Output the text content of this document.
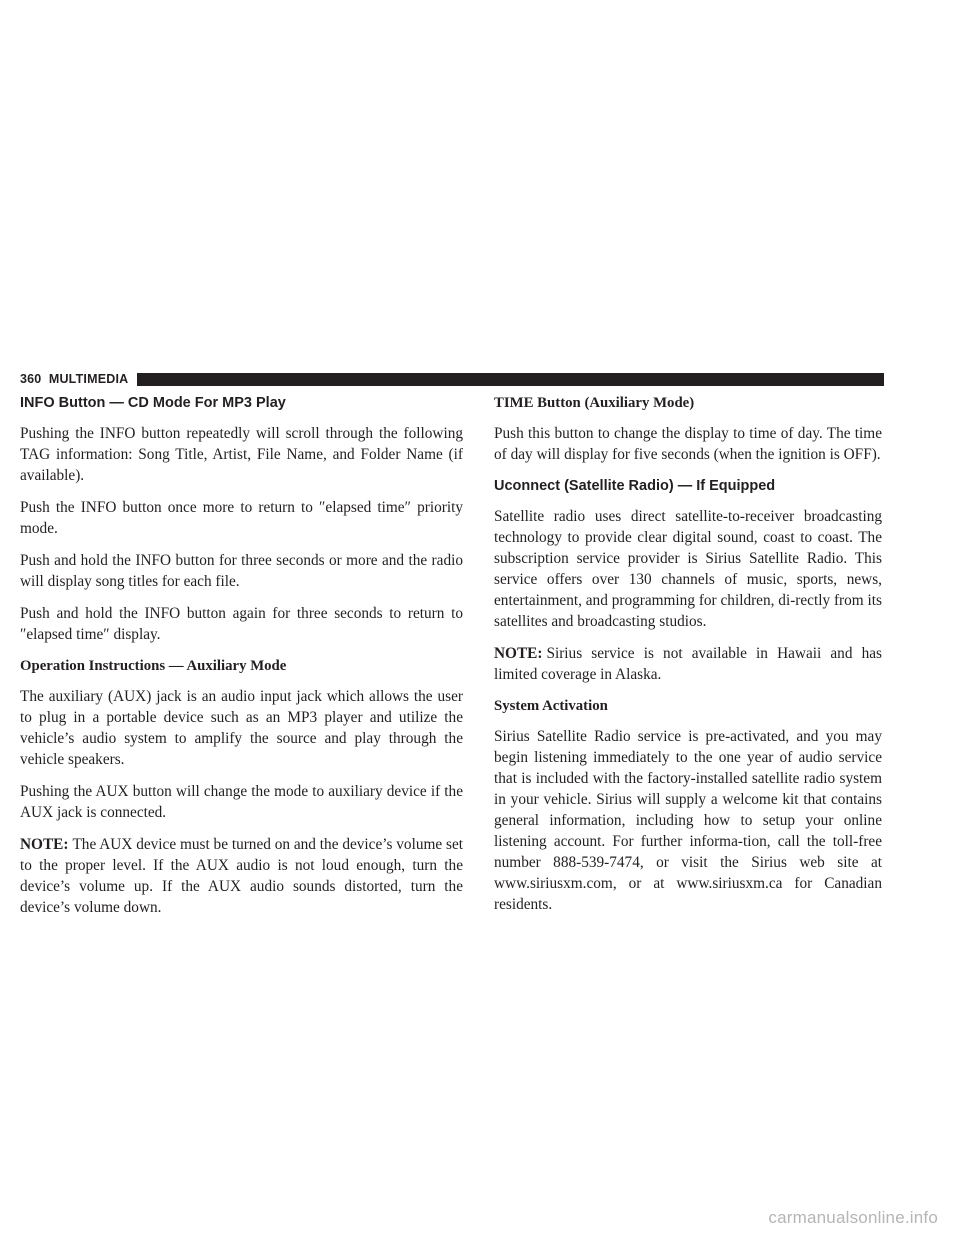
360 MULTIMEDIA
INFO Button — CD Mode For MP3 Play

Pushing the INFO button repeatedly will scroll through the following TAG information: Song Title, Artist, File Name, and Folder Name (if available).

Push the INFO button once more to return to ″elapsed time″ priority mode.

Push and hold the INFO button for three seconds or more and the radio will display song titles for each file.

Push and hold the INFO button again for three seconds to return to ″elapsed time″ display.

Operation Instructions — Auxiliary Mode

The auxiliary (AUX) jack is an audio input jack which allows the user to plug in a portable device such as an MP3 player and utilize the vehicle’s audio system to amplify the source and play through the vehicle speakers.

Pushing the AUX button will change the mode to auxiliary device if the AUX jack is connected.

NOTE: The AUX device must be turned on and the device’s volume set to the proper level. If the AUX audio is not loud enough, turn the device’s volume up. If the AUX audio sounds distorted, turn the device’s volume down.

TIME Button (Auxiliary Mode)

Push this button to change the display to time of day. The time of day will display for five seconds (when the ignition is OFF).

Uconnect (Satellite Radio) — If Equipped

Satellite radio uses direct satellite-to-receiver broadcasting technology to provide clear digital sound, coast to coast. The subscription service provider is Sirius Satellite Radio. This service offers over 130 channels of music, sports, news, entertainment, and programming for children, di-rectly from its satellites and broadcasting studios.

NOTE: Sirius service is not available in Hawaii and has limited coverage in Alaska.

System Activation

Sirius Satellite Radio service is pre-activated, and you may begin listening immediately to the one year of audio service that is included with the factory-installed satellite radio system in your vehicle. Sirius will supply a welcome kit that contains general information, including how to setup your online listening account. For further informa-tion, call the toll-free number 888-539-7474, or visit the Sirius web site at www.siriusxm.com, or at www.siriusxm.ca for Canadian residents.

carmanualsonline.info
